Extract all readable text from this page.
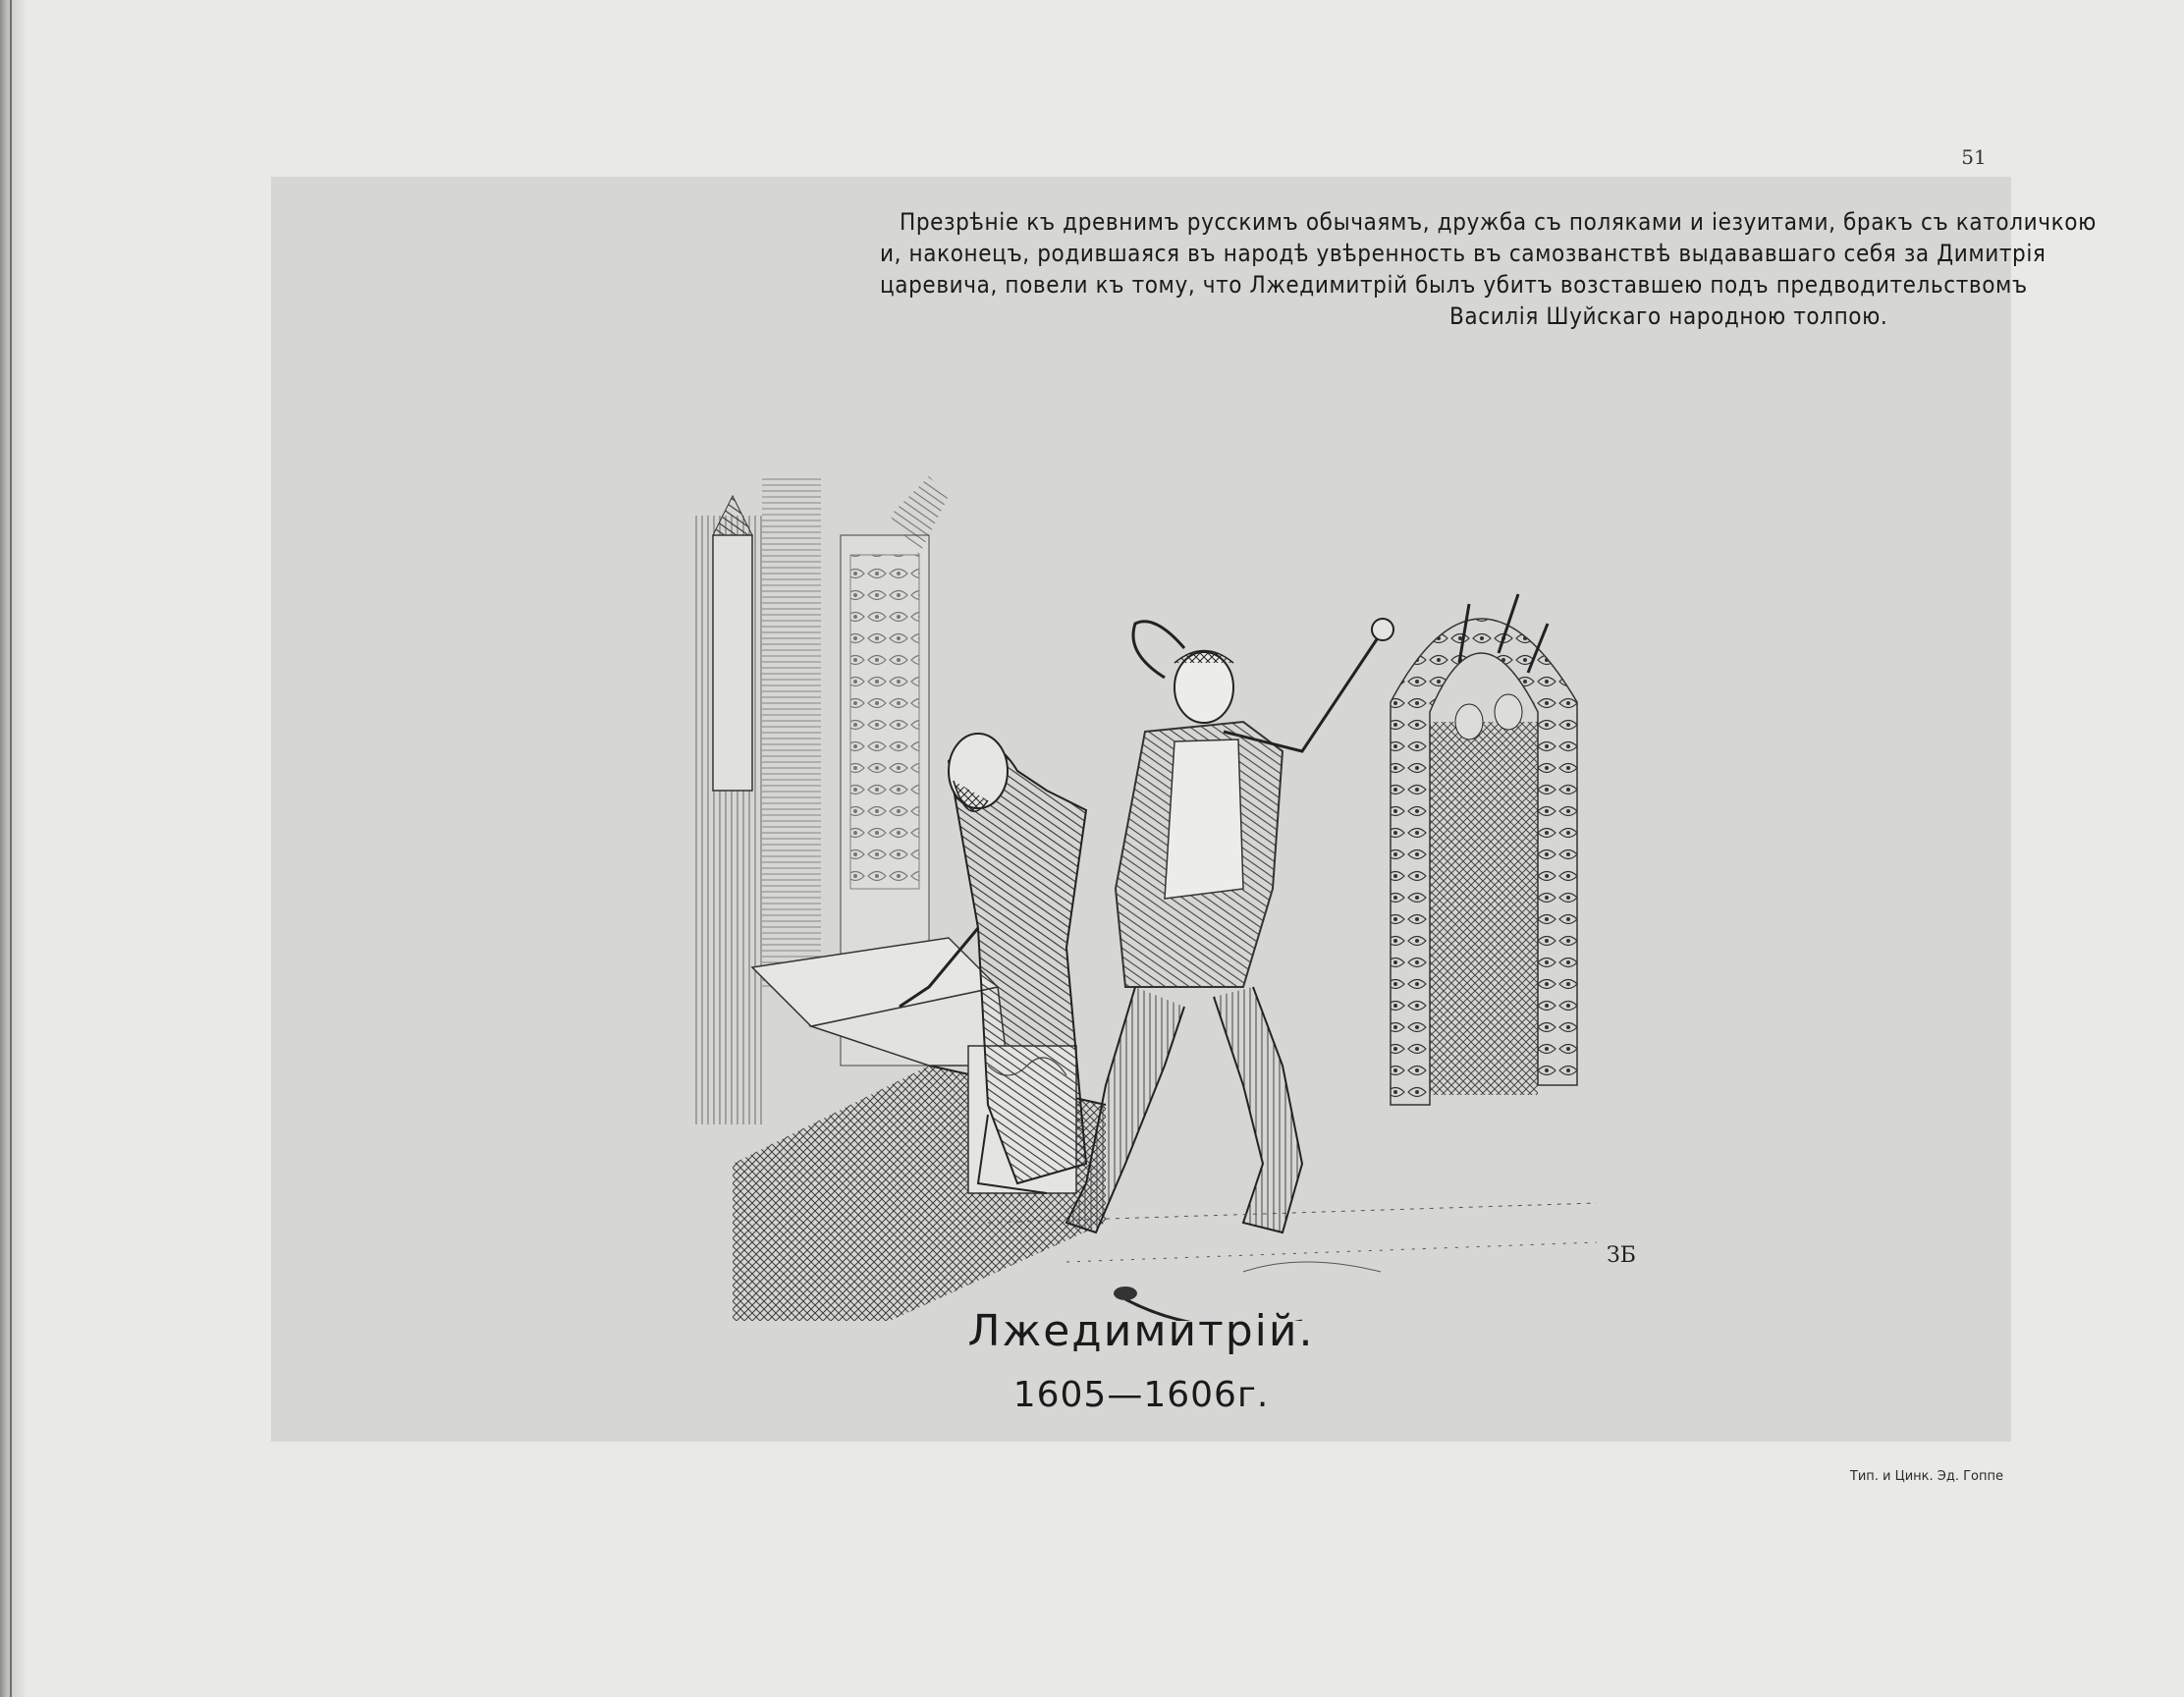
51
Презрѣніе къ древнимъ русскимъ обычаямъ, дружба съ поляками и іезуитами, бракъ съ католичкою
и, наконецъ, родившаяся въ народѣ увѣренность въ самозванствѣ выдававшаго себя за Димитрія
царевича, повели къ тому, что Лжедимитрій былъ убитъ возставшею подъ предводительствомъ
Василія Шуйскаго народною толпою.
ЗБ
Лжедимитрій.
1605—1606г.
Тип. и Цинк. Эд. Гоппе
